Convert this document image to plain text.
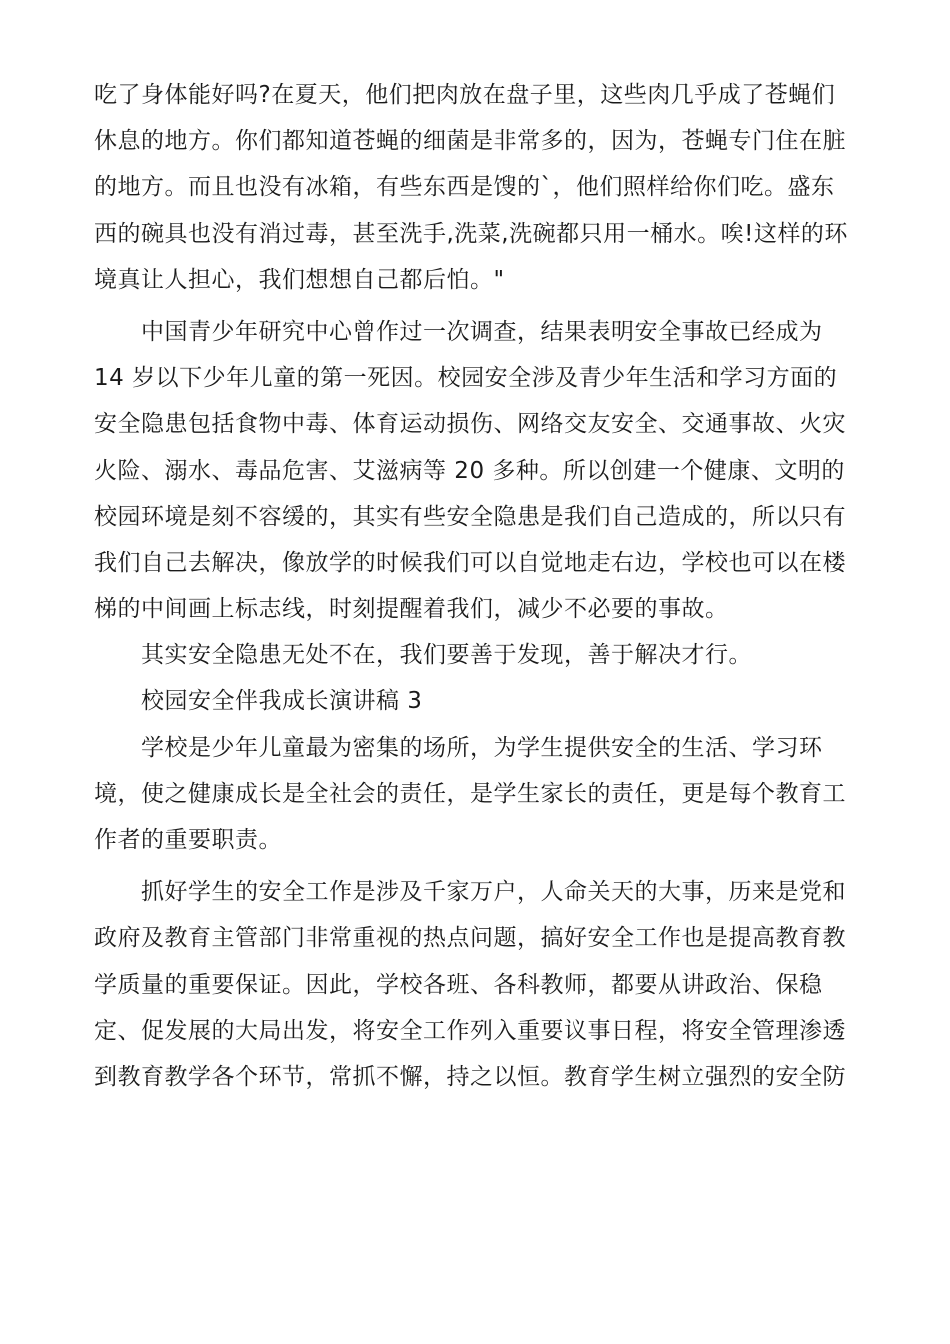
吃了身体能好吗?在夏天，他们把肉放在盘子里，这些肉几乎成了苍蝇们
休息的地方。你们都知道苍蝇的细菌是非常多的，因为，苍蝇专门住在脏
的地方。而且也没有冰箱，有些东西是馊的`，他们照样给你们吃。盛东
西的碗具也没有消过毒，甚至洗手,洗菜,洗碗都只用一桶水。唉!这样的环
境真让人担心，我们想想自己都后怕。"
中国青少年研究中心曾作过一次调查，结果表明安全事故已经成为
14 岁以下少年儿童的第一死因。校园安全涉及青少年生活和学习方面的
安全隐患包括食物中毒、体育运动损伤、网络交友安全、交通事故、火灾
火险、溺水、毒品危害、艾滋病等 20 多种。所以创建一个健康、文明的
校园环境是刻不容缓的，其实有些安全隐患是我们自己造成的，所以只有
我们自己去解决，像放学的时候我们可以自觉地走右边，学校也可以在楼
梯的中间画上标志线，时刻提醒着我们，减少不必要的事故。
其实安全隐患无处不在，我们要善于发现，善于解决才行。
校园安全伴我成长演讲稿 3
学校是少年儿童最为密集的场所，为学生提供安全的生活、学习环
境，使之健康成长是全社会的责任，是学生家长的责任，更是每个教育工
作者的重要职责。
抓好学生的安全工作是涉及千家万户，人命关天的大事，历来是党和
政府及教育主管部门非常重视的热点问题，搞好安全工作也是提高教育教
学质量的重要保证。因此，学校各班、各科教师，都要从讲政治、保稳
定、促发展的大局出发，将安全工作列入重要议事日程，将安全管理渗透
到教育教学各个环节，常抓不懈，持之以恒。教育学生树立强烈的安全防
